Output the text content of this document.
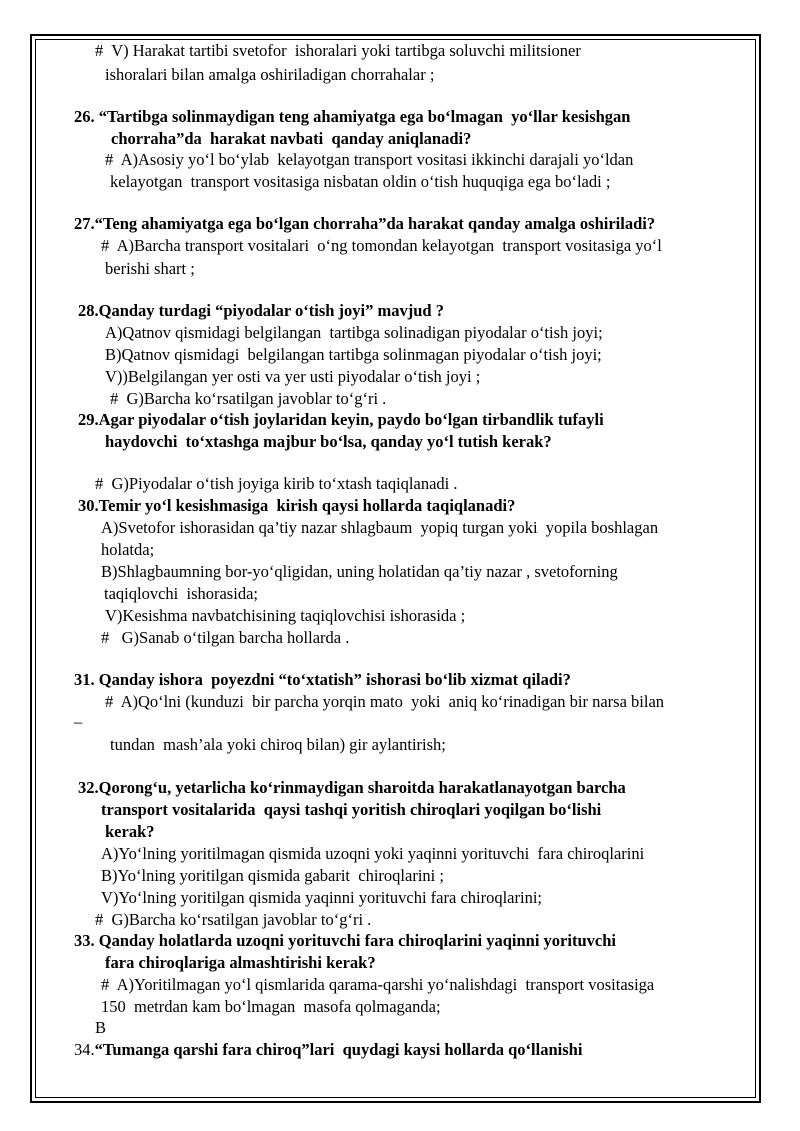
#  V) Harakat tartibi svetofor  ishoralari yoki tartibga soluvchi militsioner
ishoralari bilan amalga oshiriladigan chorrahalar ;
26. “Tartibga solinmaydigan teng ahamiyatga ega bo‘lmagan  yo‘llar kesishgan
chorraha”da  harakat navbati  qanday aniqlanadi?
#  A)Asosiy yo‘l bo‘ylab  kelayotgan transport vositasi ikkinchi darajali yo‘ldan
kelayotgan  transport vositasiga nisbatan oldin o‘tish huquqiga ega bo‘ladi ;
27.“Teng ahamiyatga ega bo‘lgan chorraha”da harakat qanday amalga oshiriladi?
#  A)Barcha transport vositalari  o‘ng tomondan kelayotgan  transport vositasiga yo‘l
berishi shart ;
28.Qanday turdagi “piyodalar o‘tish joyi” mavjud ?
A)Qatnov qismidagi belgilangan  tartibga solinadigan piyodalar o‘tish joyi;
B)Qatnov qismidagi  belgilangan tartibga solinmagan piyodalar o‘tish joyi;
V))Belgilangan yer osti va yer usti piyodalar o‘tish joyi ;
#  G)Barcha ko‘rsatilgan javoblar to‘g‘ri .
29.Agar piyodalar o‘tish joylaridan keyin, paydo bo‘lgan tirbandlik tufayli
haydovchi  to‘xtashga majbur bo‘lsa, qanday yo‘l tutish kerak?
#  G)Piyodalar o‘tish joyiga kirib to‘xtash taqiqlanadi .
30.Temir yo‘l kesishmasiga  kirish qaysi hollarda taqiqlanadi?
A)Svetofor ishorasidan qa’tiy nazar shlagbaum  yopiq turgan yoki  yopila boshlagan
holatda;
B)Shlagbaumning bor-yo‘qligidan, uning holatidan qa’tiy nazar , svetoforning
taqiqlovchi  ishorasida;
V)Kesishma navbatchisining taqiqlovchisi ishorasida ;
#   G)Sanab o‘tilgan barcha hollarda .
31. Qanday ishora  poyezdni “to‘xtatish” ishorasi bo‘lib xizmat qiladi?
#  A)Qo‘lni (kunduzi  bir parcha yorqin mato  yoki  aniq ko‘rinadigan bir narsa bilan
–
tundan  mash’ala yoki chiroq bilan) gir aylantirish;
32.Qorong‘u, yetarlicha ko‘rinmaydigan sharoitda harakatlanayotgan barcha
transport vositalarida  qaysi tashqi yoritish chiroqlari yoqilgan bo‘lishi
kerak?
A)Yo‘lning yoritilmagan qismida uzoqni yoki yaqinni yorituvchi  fara chiroqlarini
B)Yo‘lning yoritilgan qismida gabarit  chiroqlarini ;
V)Yo‘lning yoritilgan qismida yaqinni yorituvchi fara chiroqlarini;
#  G)Barcha ko‘rsatilgan javoblar to‘g‘ri .
33. Qanday holatlarda uzoqni yorituvchi fara chiroqlarini yaqinni yorituvchi
fara chiroqlariga almashtirishi kerak?
#  A)Yoritilmagan yo‘l qismlarida qarama-qarshi yo‘nalishdagi  transport vositasiga
150  metrdan kam bo‘lmagan  masofa qolmaganda;
B
34.“Tumanga qarshi fara chiroq”lari  quydagi kaysi hollarda qo‘llanishi
